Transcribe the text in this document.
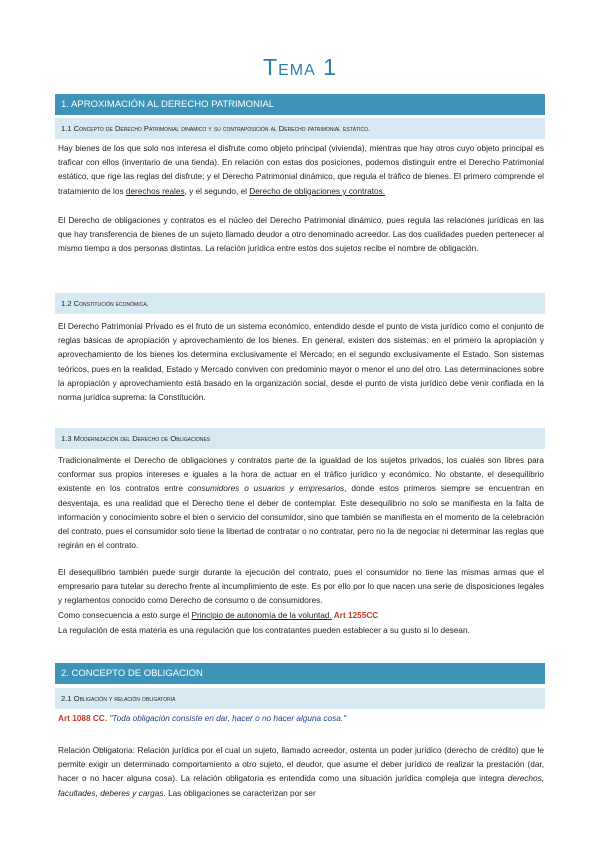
Tema 1
1. APROXIMACIÓN AL DERECHO PATRIMONIAL
1.1 Concepto de Derecho Patrimonial dinámico y su contraposición al Derecho patrimonial estático.

Hay bienes de los que solo nos interesa el disfrute como objeto principal (vivienda), mientras que hay otros cuyo objeto principal es traficar con ellos (inventario de una tienda). En relación con estas dos posiciones, podemos distinguir entre el Derecho Patrimonial estático, que rige las reglas del disfrute; y el Derecho Patrimonial dinámico, que regula el tráfico de bienes. El primero comprende el tratamiento de los derechos reales, y el segundo, el Derecho de obligaciones y contratos.

El Derecho de obligaciones y contratos es el núcleo del Derecho Patrimonial dinámico, pues regula las relaciones jurídicas en las que hay transferencia de bienes de un sujeto llamado deudor a otro denominado acreedor. Las dos cualidades pueden pertenecer al mismo tiempo a dos personas distintas. La relación jurídica entre estos dos sujetos recibe el nombre de obligación.

1.2 Constitución económica.

El Derecho Patrimonial Privado es el fruto de un sistema económico, entendido desde el punto de vista jurídico como el conjunto de reglas básicas de apropiación y aprovechamiento de los bienes. En general, existen dos sistemas: en el primero la apropiación y aprovechamiento de los bienes los determina exclusivamente el Mercado; en el segundo exclusivamente el Estado. Son sistemas teóricos, pues en la realidad, Estado y Mercado conviven con predominio mayor o menor el uno del otro. Las determinaciones sobre la apropiación y aprovechamiento está basado en la organización social, desde el punto de vista jurídico debe venir confiada en la norma jurídica suprema: la Constitución.

1.3 Modernización del Derecho de Obligaciones

Tradicionalmente el Derecho de obligaciones y contratos parte de la igualdad de los sujetos privados, los cuales son libres para conformar sus propios intereses e iguales a la hora de actuar en el tráfico jurídico y económico. No obstante, el desequilibrio existente en los contratos entre consumidores o usuarios y empresarios, donde estos primeros siempre se encuentran en desventaja, es una realidad que el Derecho tiene el deber de contemplar. Este desequilibrio no solo se manifiesta en la falta de información y conocimiento sobre el bien o servicio del consumidor, sino que también se manifiesta en el momento de la celebración del contrato, pues el consumidor solo tiene la libertad de contratar o no contratar, pero no la de negociar ni determinar las reglas que regirán en el contrato.

El desequilibrio también puede surgir durante la ejecución del contrato, pues el consumidor no tiene las mismas armas que el empresario para tutelar su derecho frente al incumplimiento de este. Es por ello por lo que nacen una serie de disposiciones legales y reglamentos conocido como Derecho de consumo o de consumidores.

Como consecuencia a esto surge el Principio de autonomía de la voluntad. Art 1255CC

La regulación de esta materia es una regulación que los contratantes pueden establecer a su gusto si lo desean.

2. CONCEPTO DE OBLIGACION
2.1 Obligación y relación obligatoria

Art 1088 CC. "Toda obligación consiste en dar, hacer o no hacer alguna cosa."

Relación Obligatoria: Relación jurídica por el cual un sujeto, llamado acreedor, ostenta un poder jurídico (derecho de crédito) que le permite exigir un determinado comportamiento a otro sujeto, el deudor, que asume el deber jurídico de realizar la prestación (dar, hacer o no hacer alguna cosa). La relación obligatoria es entendida como una situación jurídica compleja que integra derechos, facultades, deberes y cargas. Las obligaciones se caracterizan por ser
